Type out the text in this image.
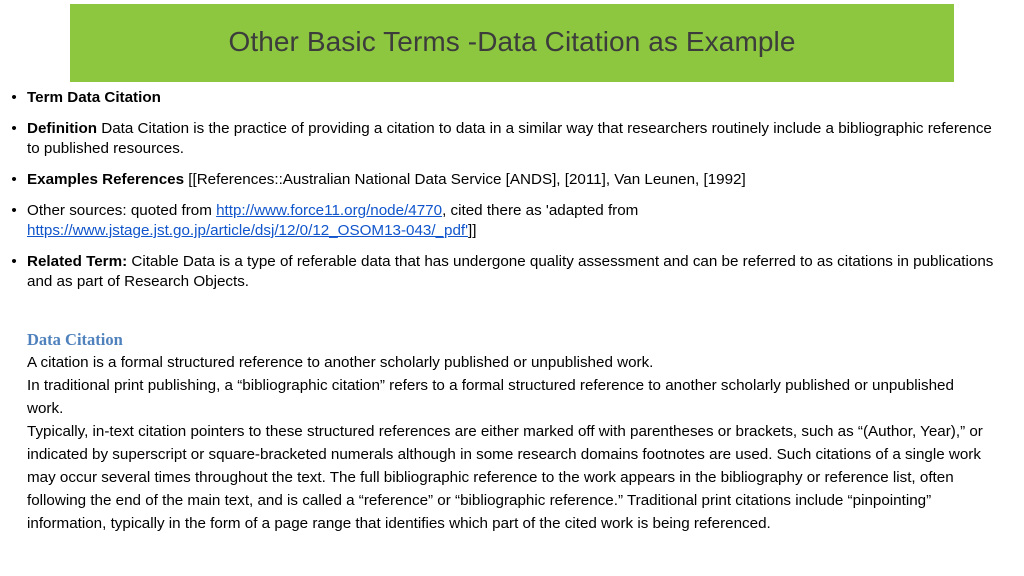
Other Basic Terms -Data Citation as Example
• Term Data Citation
• Definition Data Citation is the practice of providing a citation to data in a similar way that researchers routinely include a bibliographic reference to published resources.
• Examples References [[References::Australian National Data Service [ANDS], [2011], Van Leunen, [1992]
• Other sources: quoted from http://www.force11.org/node/4770, cited there as 'adapted from https://www.jstage.jst.go.jp/article/dsj/12/0/12_OSOM13-043/_pdf']]
• Related Term: Citable Data is a type of referable data that has undergone quality assessment and can be referred to as citations in publications and as part of Research Objects.
Data Citation

A citation is a formal structured reference to another scholarly published or unpublished work.

In traditional print publishing, a “bibliographic citation” refers to a formal structured reference to another scholarly published or unpublished work.

Typically, in-text citation pointers to these structured references are either marked off with parentheses or brackets, such as “(Author, Year),” or indicated by superscript or square-bracketed numerals although in some research domains footnotes are used. Such citations of a single work may occur several times throughout the text. The full bibliographic reference to the work appears in the bibliography or reference list, often following the end of the main text, and is called a “reference” or “bibliographic reference.” Traditional print citations include “pinpointing” information, typically in the form of a page range that identifies which part of the cited work is being referenced.
